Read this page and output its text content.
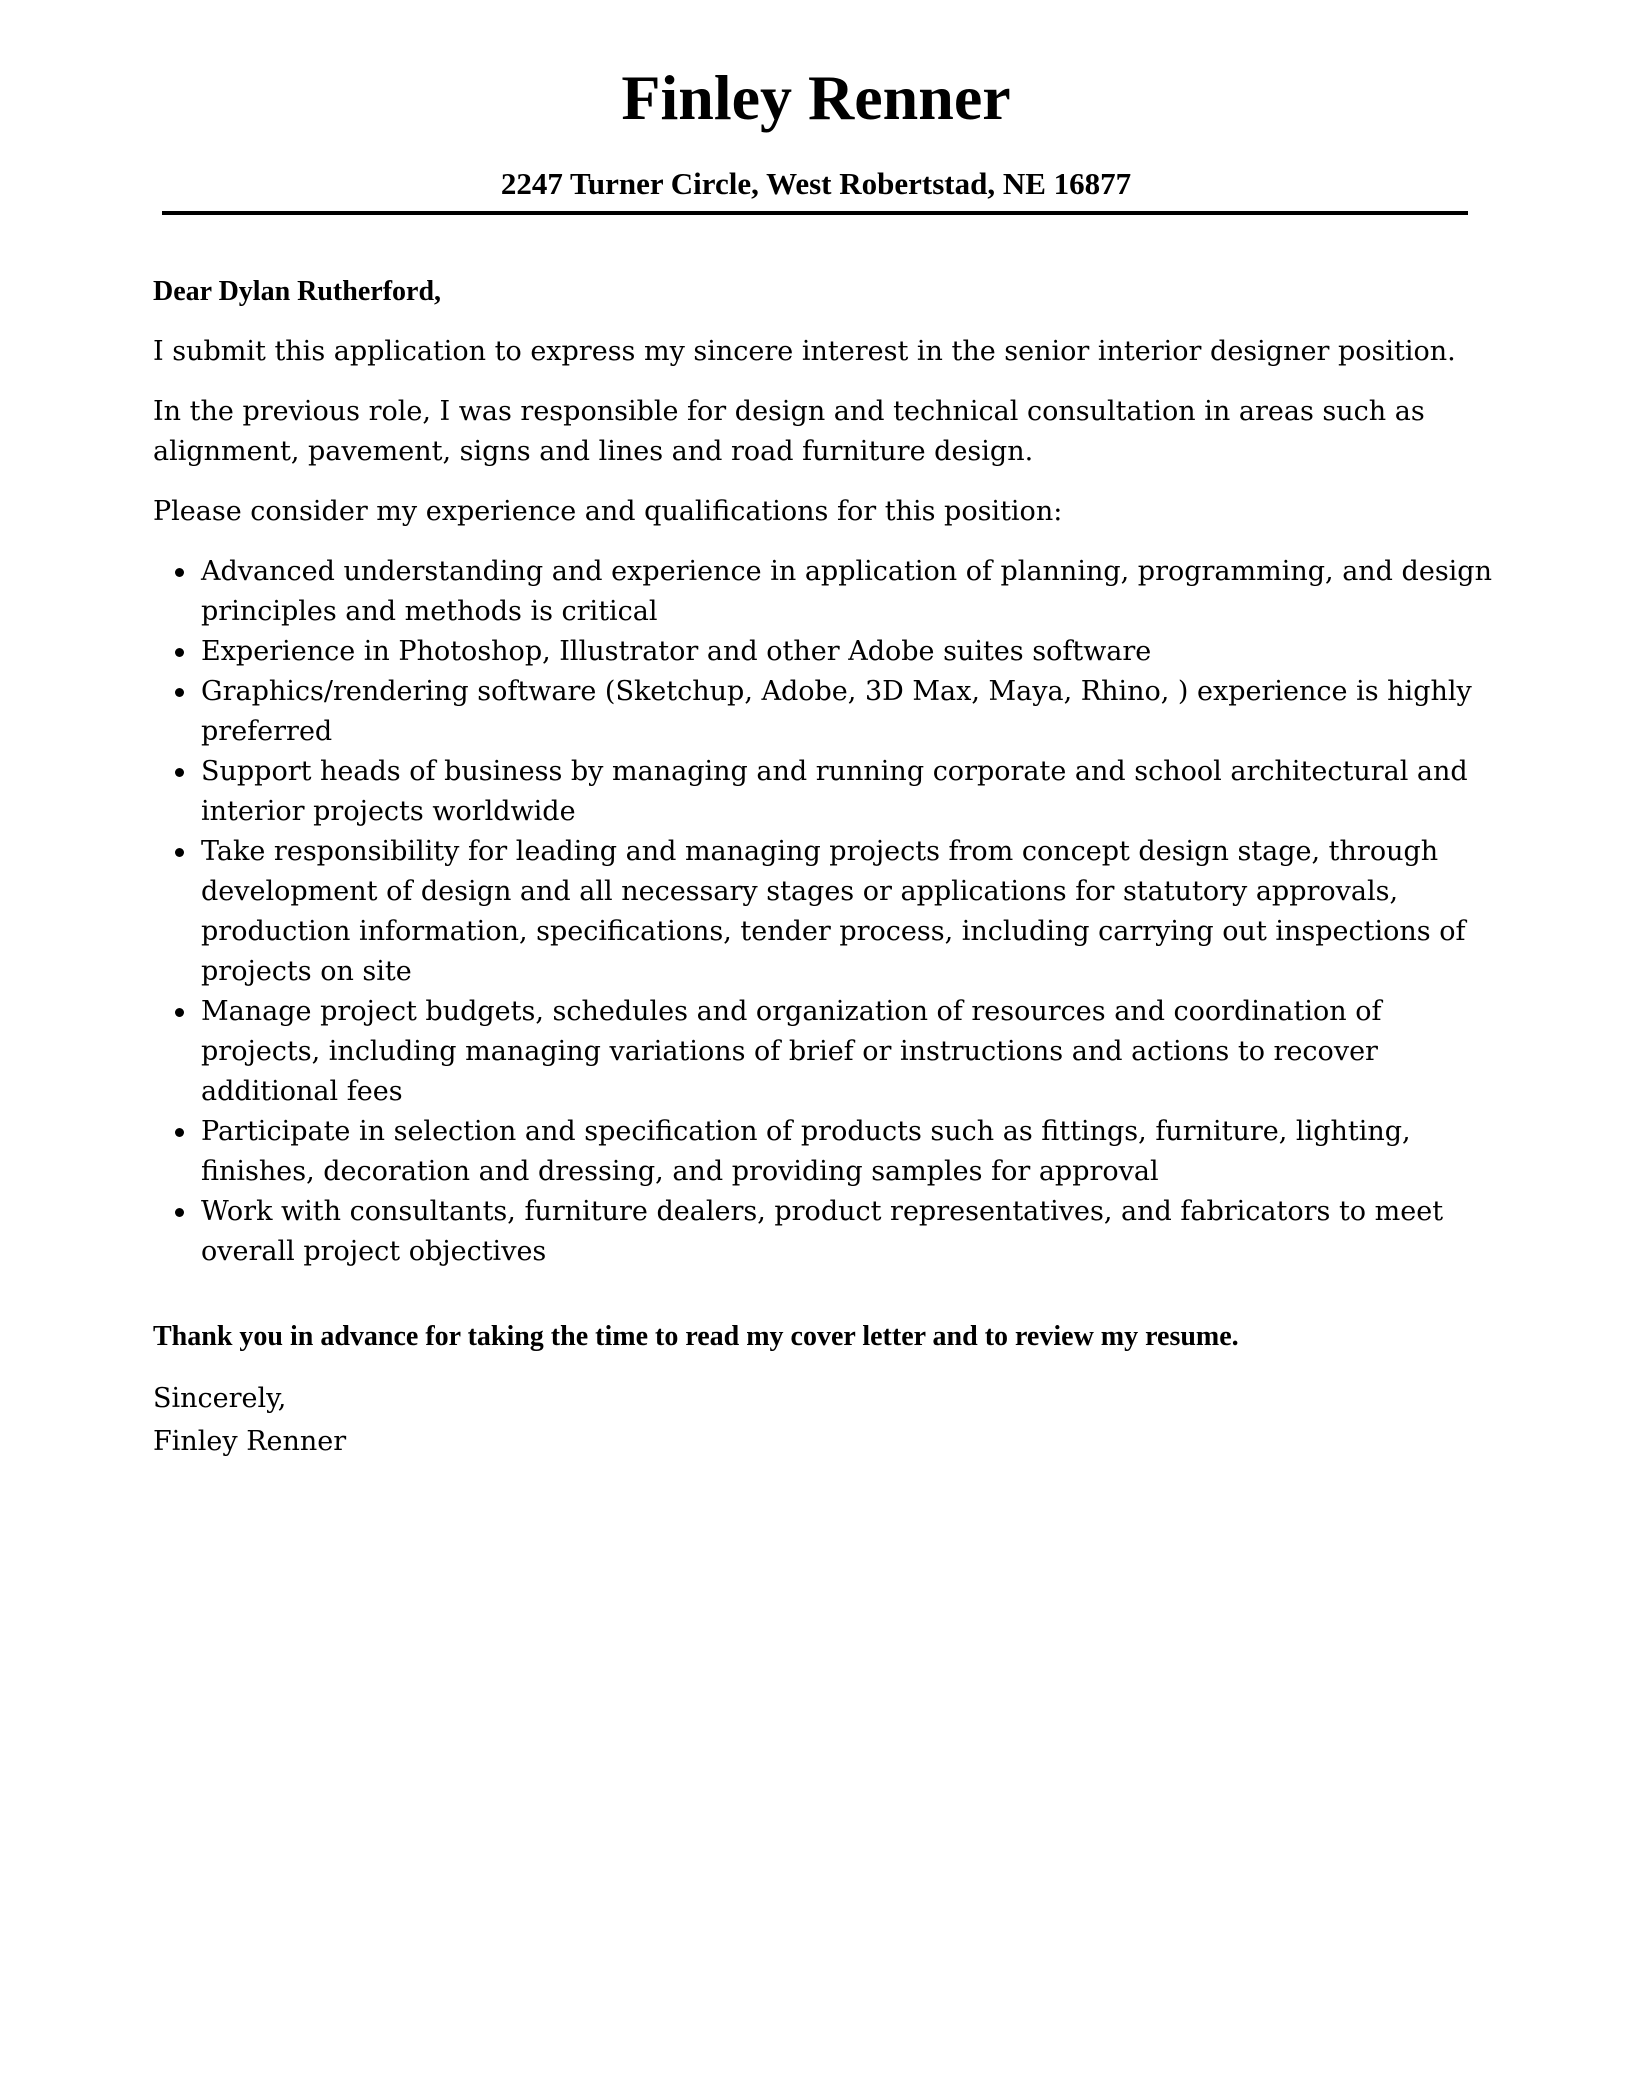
Finley Renner
2247 Turner Circle, West Robertstad, NE 16877

Dear Dylan Rutherford,

I submit this application to express my sincere interest in the senior interior designer position.

In the previous role, I was responsible for design and technical consultation in areas such as alignment, pavement, signs and lines and road furniture design.

Please consider my experience and qualifications for this position:

Advanced understanding and experience in application of planning, programming, and design principles and methods is critical
Experience in Photoshop, Illustrator and other Adobe suites software
Graphics/rendering software (Sketchup, Adobe, 3D Max, Maya, Rhino, ) experience is highly preferred
Support heads of business by managing and running corporate and school architectural and interior projects worldwide
Take responsibility for leading and managing projects from concept design stage, through development of design and all necessary stages or applications for statutory approvals, production information, specifications, tender process, including carrying out inspections of projects on site
Manage project budgets, schedules and organization of resources and coordination of projects, including managing variations of brief or instructions and actions to recover additional fees
Participate in selection and specification of products such as fittings, furniture, lighting, finishes, decoration and dressing, and providing samples for approval
Work with consultants, furniture dealers, product representatives, and fabricators to meet overall project objectives

Thank you in advance for taking the time to read my cover letter and to review my resume.

Sincerely,

Finley Renner
